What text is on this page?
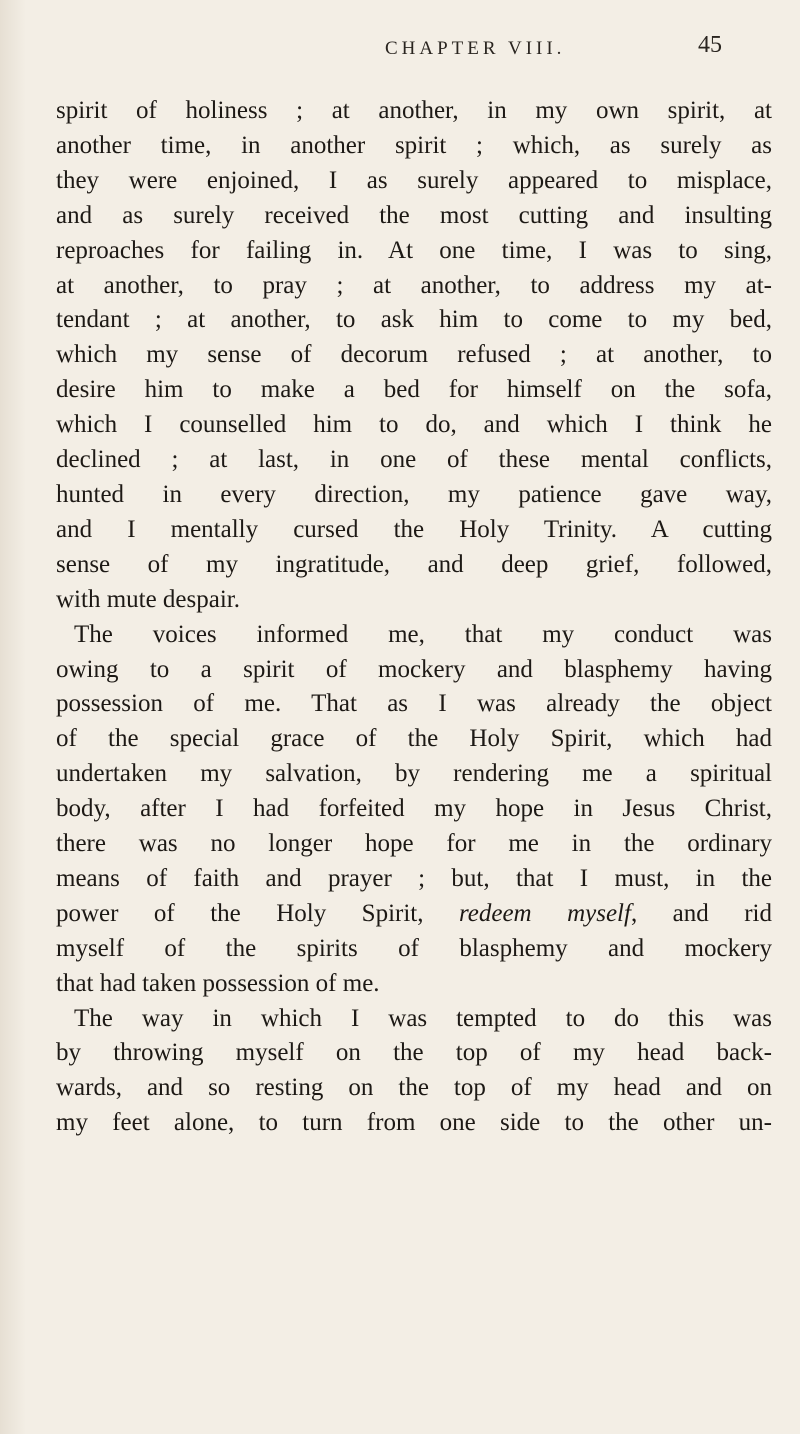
CHAPTER VIII.	45
spirit of holiness ; at another, in my own spirit, at
another time, in another spirit ; which, as surely as
they were enjoined, I as surely appeared to misplace,
and as surely received the most cutting and insulting
reproaches for failing in. At one time, I was to sing,
at another, to pray ; at another, to address my at-
tendant ; at another, to ask him to come to my bed,
which my sense of decorum refused ; at another, to
desire him to make a bed for himself on the sofa,
which I counselled him to do, and which I think he
declined ; at last, in one of these mental conflicts,
hunted in every direction, my patience gave way,
and I mentally cursed the Holy Trinity. A cutting
sense of my ingratitude, and deep grief, followed,
with mute despair.
The voices informed me, that my conduct was
owing to a spirit of mockery and blasphemy having
possession of me. That as I was already the object
of the special grace of the Holy Spirit, which had
undertaken my salvation, by rendering me a spiritual
body, after I had forfeited my hope in Jesus Christ,
there was no longer hope for me in the ordinary
means of faith and prayer ; but, that I must, in the
power of the Holy Spirit, redeem myself, and rid
myself of the spirits of blasphemy and mockery
that had taken possession of me.
The way in which I was tempted to do this was
by throwing myself on the top of my head back-
wards, and so resting on the top of my head and on
my feet alone, to turn from one side to the other un-
